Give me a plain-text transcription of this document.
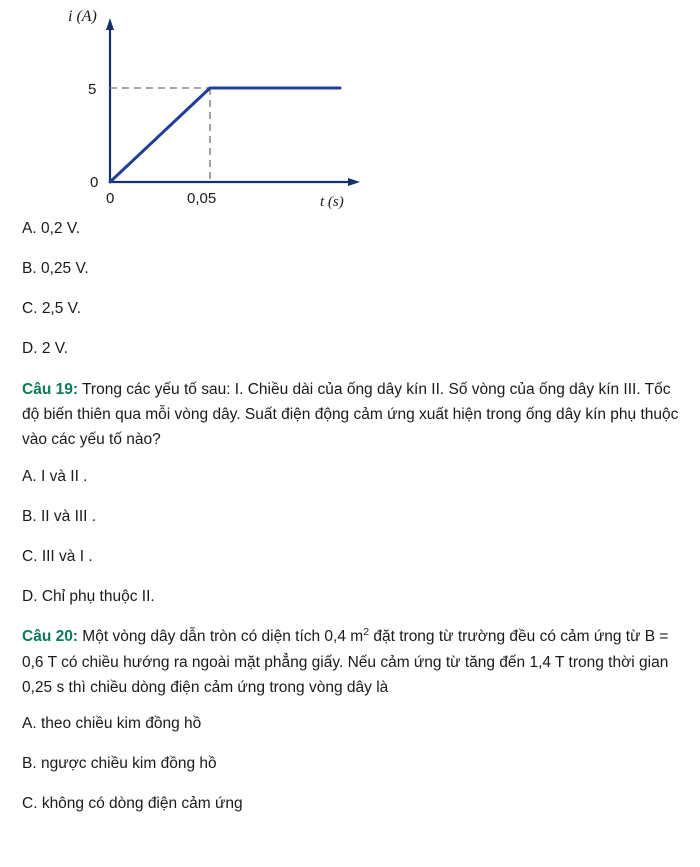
i (A)
5
0
0	0,05	t (s)
A. 0,2 V.
B. 0,25 V.
C. 2,5 V.
D. 2 V.

Câu 19: Trong các yếu tố sau: I. Chiều dài của ống dây kín II. Số vòng của ống dây kín III. Tốc độ biến thiên qua mỗi vòng dây. Suất điện động cảm ứng xuất hiện trong ống dây kín phụ thuộc vào các yếu tố nào?

A. I và II .
B. II và III .
C. III và I .
D. Chỉ phụ thuộc II.

Câu 20: Một vòng dây dẫn tròn có diện tích 0,4 $m^2$ đặt trong từ trường đều có cảm ứng từ B = 0,6 T có chiều hướng ra ngoài mặt phẳng giấy. Nếu cảm ứng từ tăng đến 1,4 T trong thời gian 0,25 s thì chiều dòng điện cảm ứng trong vòng dây là

A. theo chiều kim đồng hồ
B. ngược chiều kim đồng hồ
C. không có dòng điện cảm ứng
